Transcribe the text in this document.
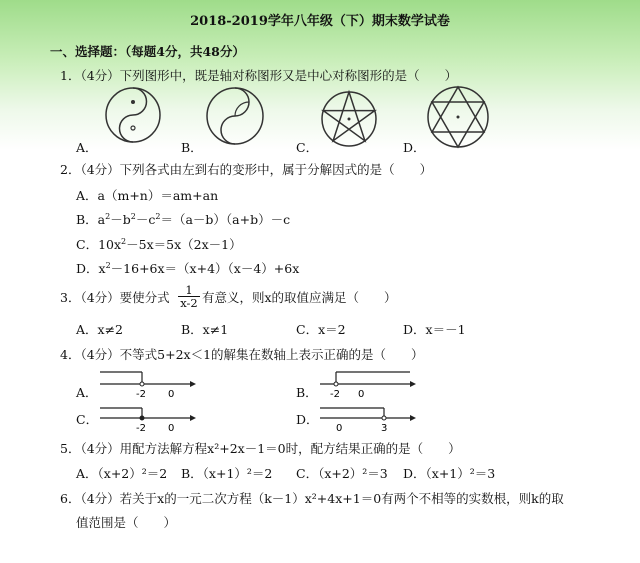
2018-2019学年八年级（下）期末数学试卷
一、选择题：（每题4分，共48分）
1．（4分）下列图形中，既是轴对称图形又是中心对称图形的是（　　）
A．	B．	C．	D．
2．（4分）下列各式由左到右的变形中，属于分解因式的是（　　）
A．a（m+n）＝am+an
B．$a^2-b^2-c^2=(a-b)(a+b)-c$
C．$10x^2-5x=5x(2x-1)$
D．$x^2-16+6x=(x+4)(x-4)+6x$
3．（4分）要使分式 $\frac{1}{x-2}$ 有意义，则x的取值应满足（　　）
A．x≠2	B．x≠1	C．x＝2	D．x＝－1
4．（4分）不等式5+2x＜1的解集在数轴上表示正确的是（　　）
A．	-2 0	B． -2 0
C．
-2 0
D．
0	3
5．（4分）用配方法解方程x²+2x－1＝0时，配方结果正确的是（　　）
A．（x+2）²＝2 B．（x+1）²＝2 C．（x+2）²＝3 D．（x+1）²＝3
6．（4分）若关于x的一元二次方程（k－1）x²+4x+1＝0有两个不相等的实数根，则k的取
值范围是（　　）
